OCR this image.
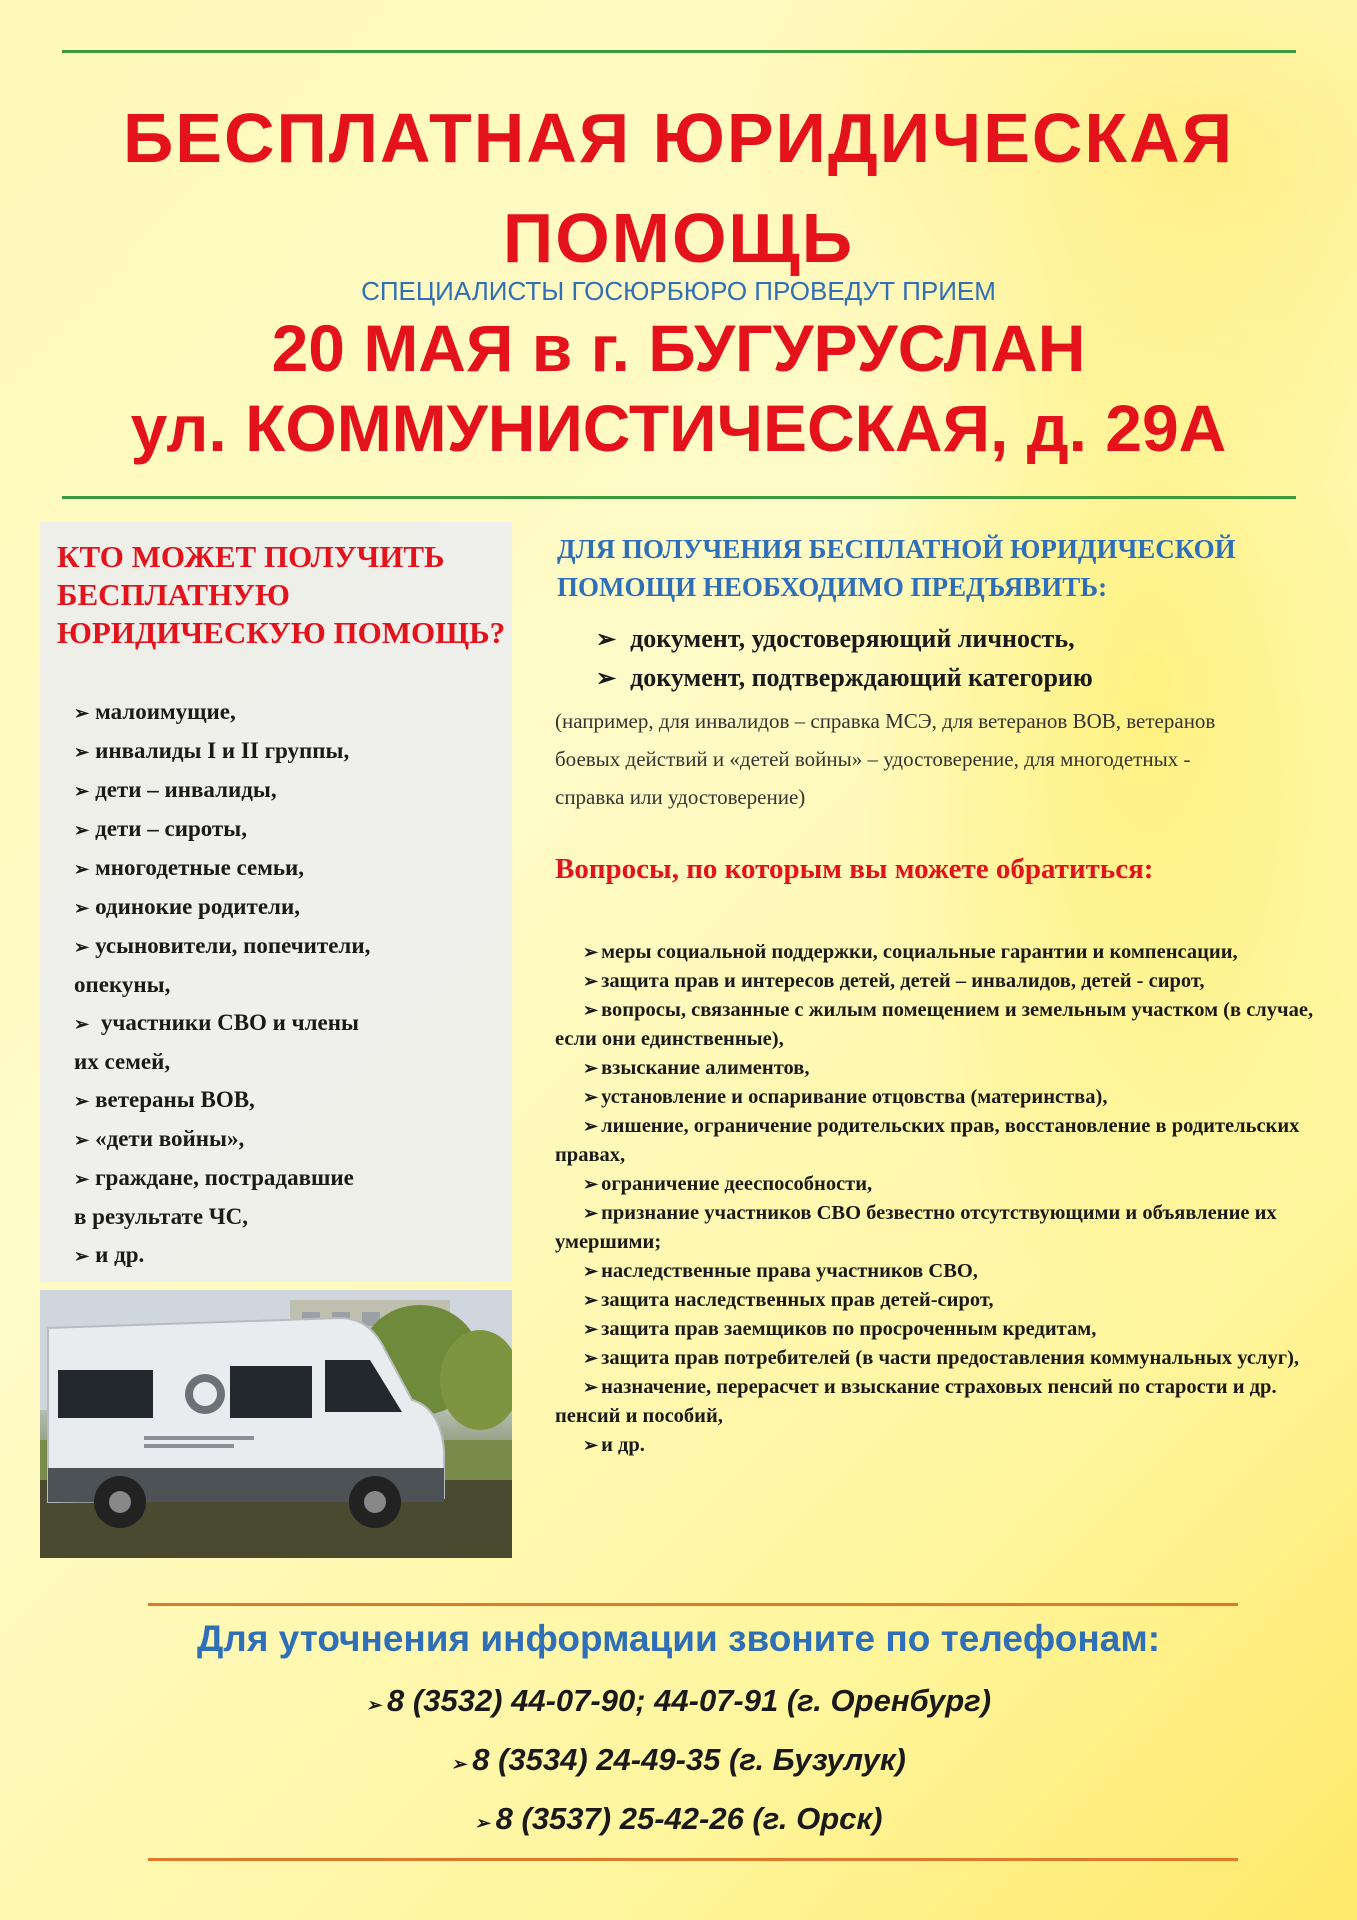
БЕСПЛАТНАЯ ЮРИДИЧЕСКАЯ
ПОМОЩЬ
СПЕЦИАЛИСТЫ ГОСЮРБЮРО ПРОВЕДУТ ПРИЕМ
20 МАЯ в г. БУГУРУСЛАН
ул. КОММУНИСТИЧЕСКАЯ, д. 29А
КТО МОЖЕТ ПОЛУЧИТЬ БЕСПЛАТНУЮ ЮРИДИЧЕСКУЮ ПОМОЩЬ?
➢ малоимущие,
➢ инвалиды I и II группы,
➢ дети – инвалиды,
➢ дети – сироты,
➢ многодетные семьи,
➢ одинокие родители,
➢ усыновители, попечители,
опекуны,
➢ участники СВО и члены
их семей,
➢ ветераны ВОВ,
➢ «дети войны»,
➢ граждане, пострадавшие
в результате ЧС,
➢ и др.
ДЛЯ ПОЛУЧЕНИЯ БЕСПЛАТНОЙ ЮРИДИЧЕСКОЙ ПОМОЩИ НЕОБХОДИМО ПРЕДЪЯВИТЬ:
➢ документ, удостоверяющий личность,
➢ документ, подтверждающий категорию

(например, для инвалидов – справка МСЭ, для ветеранов ВОВ, ветеранов боевых действий и «детей войны» – удостоверение, для многодетных - справка или удостоверение)

Вопросы, по которым вы можете обратиться:
➢ меры социальной поддержки, социальные гарантии и компенсации,
➢ защита прав и интересов детей, детей – инвалидов, детей - сирот,
➢ вопросы, связанные с жилым помещением и земельным участком (в случае, если они единственные),
➢ взыскание алиментов,
➢ установление и оспаривание отцовства (материнства),
➢ лишение, ограничение родительских прав, восстановление в родительских правах,
➢ ограничение дееспособности,
➢ признание участников СВО безвестно отсутствующими и объявление их умершими;
➢ наследственные права участников СВО,
➢ защита наследственных прав детей-сирот,
➢ защита прав заемщиков по просроченным кредитам,
➢ защита прав потребителей (в части предоставления коммунальных услуг),
➢ назначение, перерасчет и взыскание страховых пенсий по старости и др. пенсий и пособий,
➢ и др.
Для уточнения информации звоните по телефонам:

➢ 8 (3532) 44-07-90; 44-07-91 (г. Оренбург)

➢ 8 (3534) 24-49-35 (г. Бузулук)

➢ 8 (3537) 25-42-26 (г. Орск)
